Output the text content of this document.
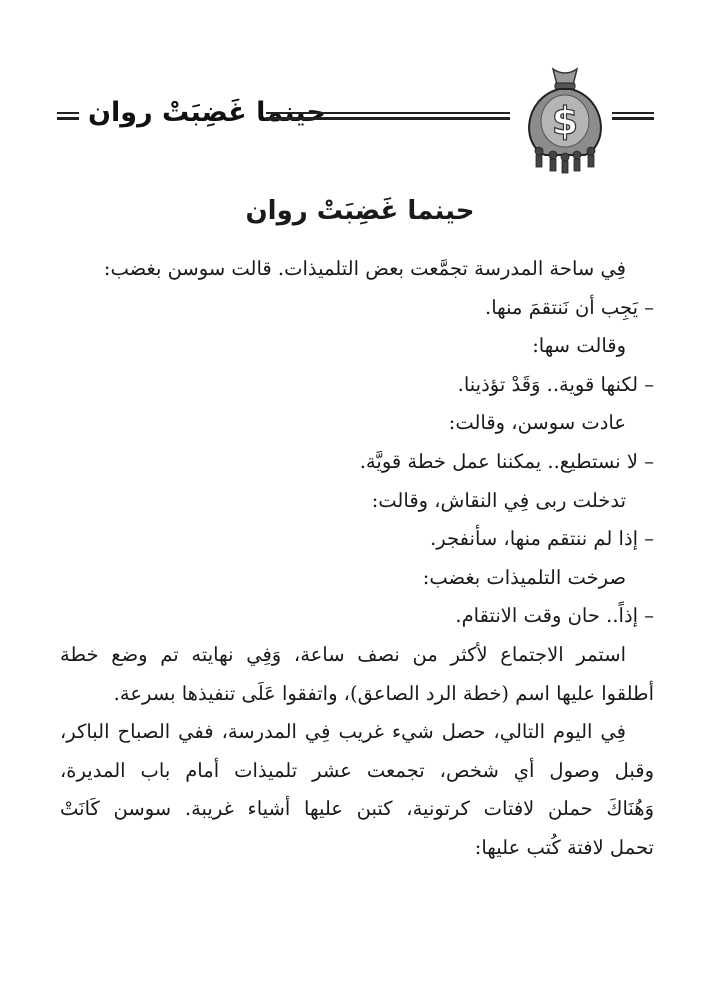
حينما غَضِبَتْ روان	$
حينما غَضِبَتْ روان
فِي ساحة المدرسة تجمَّعت بعض التلميذات. قالت سوسن بغضب:
– يَجِب أن نَنتقمَ منها.
وقالت سها:
– لكنها قوية.. وَقَدْ تؤذينا.
عادت سوسن، وقالت:
– لا نستطيع.. يمكننا عمل خطة قويَّة.
تدخلت ربى فِي النقاش، وقالت:
– إذا لم ننتقم منها، سأنفجر.
صرخت التلميذات بغضب:
– إذاً.. حان وقت الانتقام.
استمر الاجتماع لأكثر من نصف ساعة، وَفِي نهايته تم وضع خطة
أطلقوا عليها اسم (خطة الرد الصاعق)، واتفقوا عَلَى تنفيذها بسرعة.
فِي اليوم التالي، حصل شيء غريب فِي المدرسة، ففي الصباح الباكر،
وقبل وصول أي شخص، تجمعت عشر تلميذات أمام باب المديرة،
وَهُنَاكَ حملن لافتات كرتونية، كتبن عليها أشياء غريبة. سوسن كَانَتْ
تحمل لافتة كُتب عليها:
